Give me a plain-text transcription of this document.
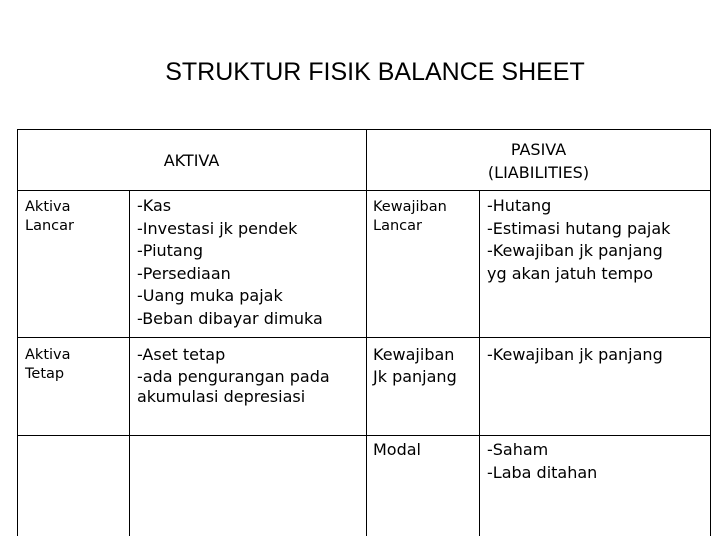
STRUKTUR FISIK BALANCE SHEET
AKTIVA
PASIVA
(LIABILITIES)
Aktiva
Lancar
-Kas
-Investasi jk pendek
-Piutang
-Persediaan
-Uang muka pajak
-Beban dibayar dimuka
Kewajiban
Lancar
-Hutang
-Estimasi hutang pajak
-Kewajiban jk panjang
yg akan jatuh tempo
Aktiva
Tetap
-Aset tetap
-ada pengurangan pada
akumulasi depresiasi
Kewajiban
Jk panjang
-Kewajiban jk panjang
Modal	-Saham
-Laba ditahan
